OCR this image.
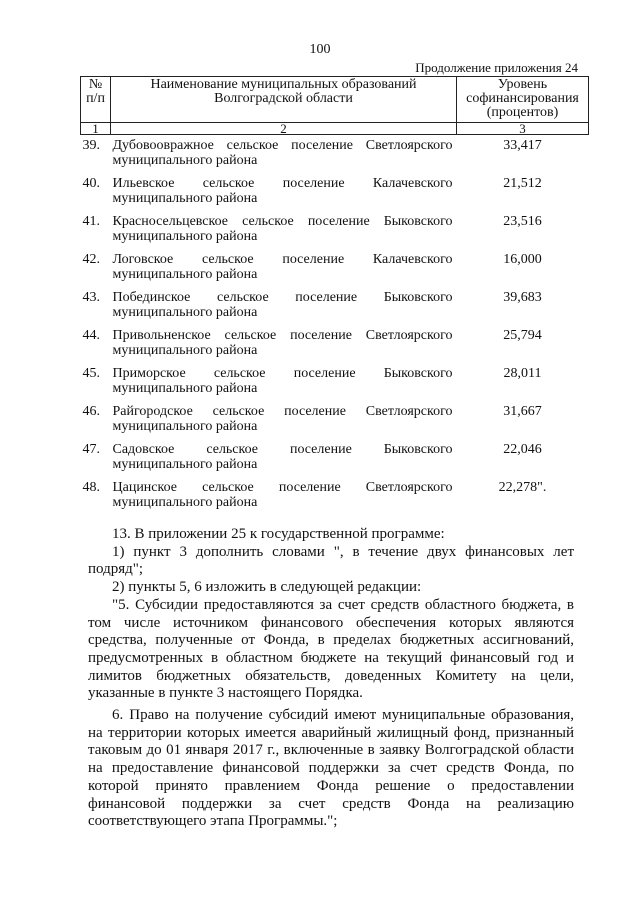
100
Продолжение приложения 24
№ п/п	Наименование муниципальных образований Волгоградской области	Уровень софинансирования (процентов)
1	2	3
39.	Дубовоовражное сельское поселение Светлоярского муниципального района	33,417
40.	Ильевское сельское поселение Калачевского муниципального района	21,512
41.	Красносельцевское сельское поселение Быковского муниципального района	23,516
42.	Логовское сельское поселение Калачевского муниципального района	16,000
43.	Побединское сельское поселение Быковского муниципального района	39,683
44.	Привольненское сельское поселение Светлоярского муниципального района	25,794
45.	Приморское сельское поселение Быковского муниципального района	28,011
46.	Райгородское сельское поселение Светлоярского муниципального района	31,667
47.	Садовское сельское поселение Быковского муниципального района	22,046
48.	Цацинское сельское поселение Светлоярского муниципального района	22,278".

13. В приложении 25 к государственной программе:

1) пункт 3 дополнить словами ", в течение двух финансовых лет

подряд";

2) пункты 5, 6 изложить в следующей редакции:

"5. Субсидии предоставляются за счет средств областного бюджета, в том числе источником финансового обеспечения которых являются средства, полученные от Фонда, в пределах бюджетных ассигнований, предусмотренных в областном бюджете на текущий финансовый год и лимитов бюджетных обязательств, доведенных Комитету на цели, указанные в пункте 3 настоящего Порядка.

6. Право на получение субсидий имеют муниципальные образования, на территории которых имеется аварийный жилищный фонд, признанный таковым до 01 января 2017 г., включенные в заявку Волгоградской области на предоставление финансовой поддержки за счет средств Фонда, по которой принято правлением Фонда решение о предоставлении финансовой поддержки за счет средств Фонда на реализацию соответствующего этапа Программы.";
